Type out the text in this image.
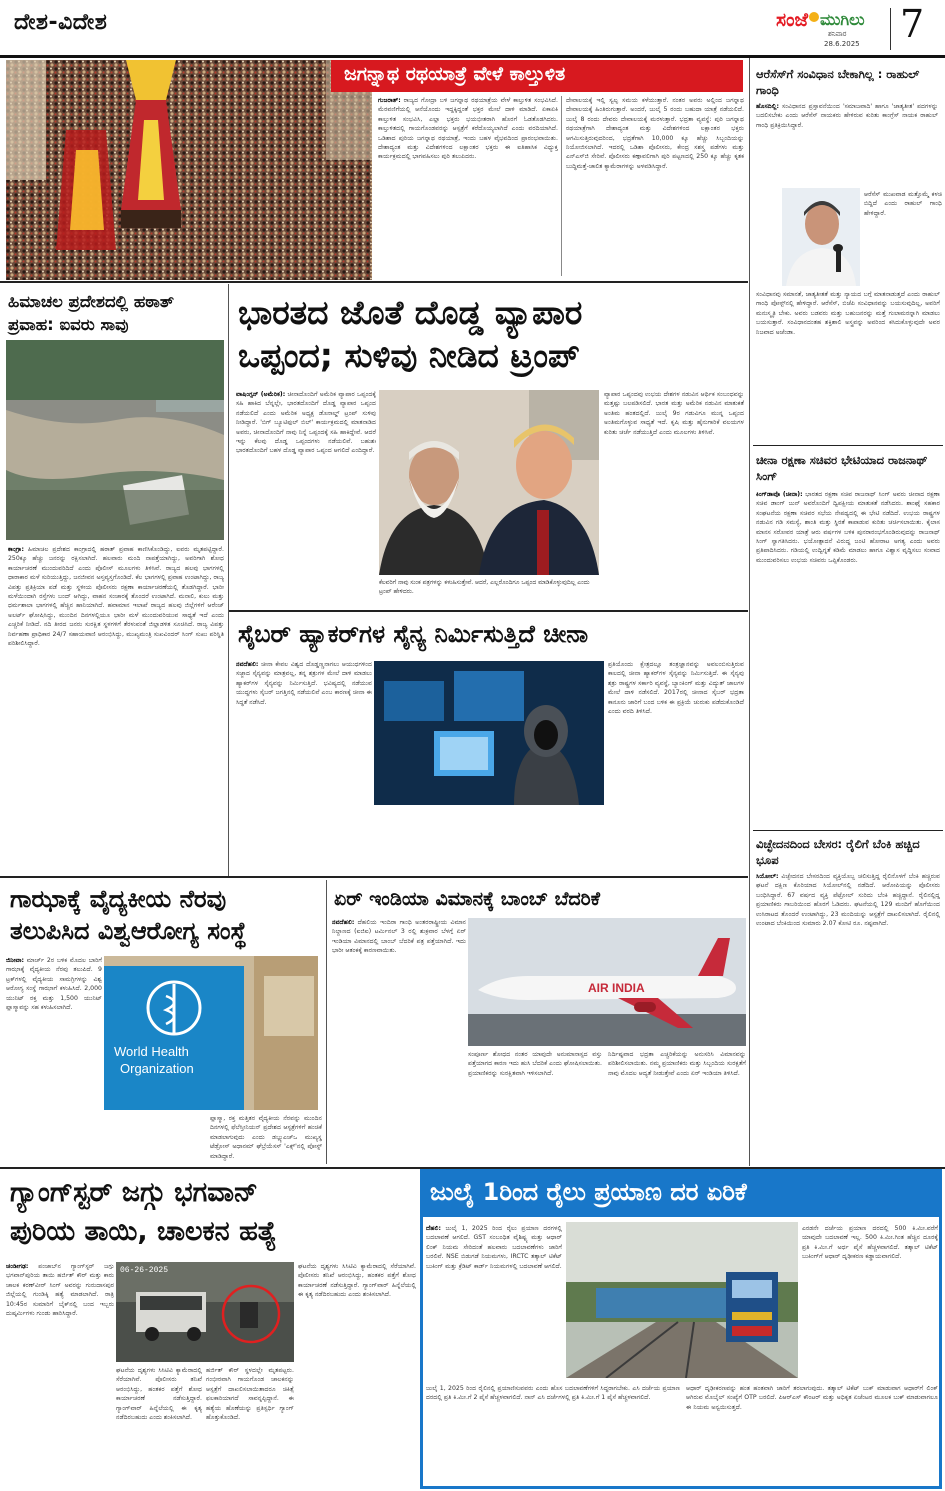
ದೇಶ-ವಿದೇಶ	ಸಂಜೆ ಮುಗಿಲು
ಶನಿವಾರ
28.6.2025 7
ಜಗನ್ನಾಥ ರಥಯಾತ್ರೆ ವೇಳೆ ಕಾಲ್ತುಳಿತ
ಗುಜರಾತ್: ರಾಜ್ಯದ ಗೋದ್ರಾ ಬಳಿ ಜಗನ್ನಾಥ ರಥಯಾತ್ರೆಯ ವೇಳೆ ಕಾಲ್ತುಳಿತ ಸಂಭವಿಸಿದೆ. ಮೆರವಣಿಗೆಯಲ್ಲಿ ಆನೆಯೊಂದು ಇದ್ದಕ್ಕಿದ್ದಂತೆ ಭಕ್ತರ ಮೇಲೆ ದಾಳಿ ಮಾಡಿದೆ. ಏಕಾಏಕಿ ಕಾಲ್ತುಳಿತ ಸಂಭವಿಸಿ, ಎಲ್ಲಾ ಭಕ್ತರು ಭಯಭೀತರಾಗಿ ಹೊರಗೆ ಓಡತೊಡಗಿದರು. ಕಾಲ್ತುಳಿತದಲ್ಲಿ ಗಾಯಗೊಂಡವರನ್ನು ಆಸ್ಪತ್ರೆಗೆ ಕರೆದೊಯ್ಯಲಾಗಿದೆ ಎಂದು ವರದಿಯಾಗಿದೆ. ಒಡಿಶಾದ ಪುರಿಯ ಜಗನ್ನಾಥ ರಥಯಾತ್ರೆ, ಇಂದು ಬಹಳ ವೈಭವದಿಂದ ಪ್ರಾರಂಭವಾಯಿತು. ದೇಶಾದ್ಯಂತ ಮತ್ತು ವಿದೇಶಗಳಿಂದ ಲಕ್ಷಾಂತರ ಭಕ್ತರು ಈ ಐತಿಹಾಸಿಕ ವಿಧ್ಯುಕ್ತ ಕಾರ್ಯಕ್ರಮದಲ್ಲಿ ಭಾಗವಹಿಸಲು ಪುರಿ ತಲುಪಿದರು.
ದೇವಾಲಯಕ್ಕೆ ಇಲ್ಲಿ ಸ್ವಲ್ಪ ಸಮಯ ಕಳೆಯುತ್ತಾರೆ. ನಂತರ ಅವರು ಅಲ್ಲಿಂದ ಜಗನ್ನಾಥ ದೇವಾಲಯಕ್ಕೆ ಹಿಂತಿರುಗುತ್ತಾರೆ. ಅಂದರೆ, ಜುಲೈ 5 ರಂದು ಬಹುದಾ ಯಾತ್ರೆ ನಡೆಯಲಿದೆ. ಜುಲೈ 8 ರಂದು ದೇವರು ದೇವಾಲಯಕ್ಕೆ ಮರಳುತ್ತಾರೆ. ಭದ್ರತಾ ವ್ಯವಸ್ಥೆ: ಪುರಿ ಜಗನ್ನಾಥ ರಥಯಾತ್ರೆಗಾಗಿ ದೇಶಾದ್ಯಂತ ಮತ್ತು ವಿದೇಶಗಳಿಂದ ಲಕ್ಷಾಂತರ ಭಕ್ತರು ಆಗಮಿಸುತ್ತಿರುವುದರಿಂದ, ಭದ್ರತೆಗಾಗಿ 10,000 ಕ್ಕೂ ಹೆಚ್ಚು ಸಿಬ್ಬಂದಿಯನ್ನು ನಿಯೋಜಿಸಲಾಗಿದೆ. ಇದರಲ್ಲಿ ಒಡಿಶಾ ಪೊಲೀಸರು, ಕೇಂದ್ರ ಸಶಸ್ತ್ರ ಪಡೆಗಳು ಮತ್ತು ಎನ್‌ಎಸ್‌ಜಿ ಸೇರಿವೆ. ಪೊಲೀಸರು ಕಣ್ಗಾವಲಿಗಾಗಿ ಪುರಿ ಪಟ್ಟಣದಲ್ಲಿ 250 ಕ್ಕೂ ಹೆಚ್ಚು ಕೃತಕ ಬುದ್ಧಿಮತ್ತೆ-ಚಾಲಿತ ಕ್ಯಾಮೆರಾಗಳನ್ನು ಅಳವಡಿಸಿದ್ದಾರೆ.
ಆರೆಸೆಸ್‌ಗೆ ಸಂವಿಧಾನ ಬೇಕಾಗಿಲ್ಲ : ರಾಹುಲ್ ಗಾಂಧಿ
ಹೊಸದಿಲ್ಲಿ: ಸಂವಿಧಾನದ ಪ್ರಸ್ತಾವನೆಯಿಂದ 'ಸಮಾಜವಾದಿ' ಹಾಗೂ 'ಜಾತ್ಯತೀತ' ಪದಗಳನ್ನು ಬದಲಿಸಬೇಕು ಎಂದು ಆರೆಸೆಸ್ ನಾಯಕರು ಹೇಳಿರುವ ಕುರಿತು ಕಾಂಗ್ರೆಸ್ ನಾಯಕ ರಾಹುಲ್ ಗಾಂಧಿ ಪ್ರತಿಕ್ರಿಯಿಸಿದ್ದಾರೆ.
ಆರೆಸೆಸ್ ಮುಖವಾಡ ಮತ್ತೊಮ್ಮೆ ಕಳಚಿ ಬಿದ್ದಿದೆ ಎಂದು ರಾಹುಲ್ ಗಾಂಧಿ ಹೇಳಿದ್ದಾರೆ.
ಸಂವಿಧಾನವು ಸಮಾನತೆ, ಜಾತ್ಯತೀತತೆ ಮತ್ತು ನ್ಯಾಯದ ಬಗ್ಗೆ ಮಾತನಾಡುತ್ತದೆ ಎಂದು ರಾಹುಲ್ ಗಾಂಧಿ ಪೋಸ್ಟ್‌ನಲ್ಲಿ ಹೇಳಿದ್ದಾರೆ. ಆರೆಸೆಸ್, ಬಿಜೆಪಿ ಸಂವಿಧಾನವನ್ನು ಬಯಸುವುದಿಲ್ಲ, ಅವರಿಗೆ ಮನುಸ್ಮೃತಿ ಬೇಕು. ಅವರು ಬಡವರು ಮತ್ತು ಬಹುಜನರನ್ನು ಮತ್ತೆ ಗುಲಾಮರನ್ನಾಗಿ ಮಾಡಲು ಬಯಸುತ್ತಾರೆ. ಸಂವಿಧಾನದಂತಹ ಶಕ್ತಿಶಾಲಿ ಅಸ್ತ್ರವನ್ನು ಅವರಿಂದ ಕಸಿದುಕೊಳ್ಳುವುದೇ ಅವರ ನಿಜವಾದ ಅಜೆಂಡಾ.
ಚೀನಾ ರಕ್ಷಣಾ ಸಚಿವರ ಭೇಟಿಯಾದ ರಾಜನಾಥ್ ಸಿಂಗ್
ಕಿಂಗ್‌ಡಾವೊ (ಚೀನಾ): ಭಾರತದ ರಕ್ಷಣಾ ಸಚಿವ ರಾಜನಾಥ್ ಸಿಂಗ್ ಅವರು ಚೀನಾದ ರಕ್ಷಣಾ ಸಚಿವ ಡಾಂಗ್ ಜುನ್ ಅವರೊಂದಿಗೆ ದ್ವಿಪಕ್ಷೀಯ ಮಾತುಕತೆ ನಡೆಸಿದರು. ಶಾಂಘೈ ಸಹಕಾರ ಸಂಘಟನೆಯ ರಕ್ಷಣಾ ಸಚಿವರ ಸಭೆಯ ನೇಪಥ್ಯದಲ್ಲಿ ಈ ಭೇಟಿ ನಡೆದಿದೆ. ಉಭಯ ರಾಷ್ಟ್ರಗಳ ನಡುವಿನ ಗಡಿ ಸಮಸ್ಯೆ, ಶಾಂತಿ ಮತ್ತು ಸ್ಥಿರತೆ ಕಾಪಾಡುವ ಕುರಿತು ಚರ್ಚಿಸಲಾಯಿತು. ಕೈಲಾಸ ಮಾನಸ ಸರೋವರ ಯಾತ್ರೆ ಆರು ವರ್ಷಗಳ ಬಳಿಕ ಪುನರಾರಂಭಗೊಂಡಿರುವುದನ್ನು ರಾಜನಾಥ್ ಸಿಂಗ್ ಸ್ವಾಗತಿಸಿದರು. ಭಯೋತ್ಪಾದನೆ ವಿರುದ್ಧ ಜಂಟಿ ಹೋರಾಟ ಅಗತ್ಯ ಎಂದು ಅವರು ಪ್ರತಿಪಾದಿಸಿದರು. ಗಡಿಯಲ್ಲಿ ಉದ್ವಿಗ್ನತೆ ಕಡಿಮೆ ಮಾಡಲು ಹಾಗೂ ವಿಶ್ವಾಸ ವೃದ್ಧಿಸಲು ಸಂವಾದ ಮುಂದುವರಿಸಲು ಉಭಯ ಸಚಿವರು ಒಪ್ಪಿಕೊಂಡರು.
ವಿಚ್ಛೇದನದಿಂದ ಬೇಸರ: ರೈಲಿಗೆ ಬೆಂಕಿ ಹಚ್ಚಿದ ಭೂಪ
ಸಿಯೋಲ್: ವಿಚ್ಛೇದನದ ಬೇಸರದಿಂದ ವ್ಯಕ್ತಿಯೊಬ್ಬ ಚಲಿಸುತ್ತಿದ್ದ ರೈಲಿನೊಳಗೆ ಬೆಂಕಿ ಹಚ್ಚಿರುವ ಘಟನೆ ದಕ್ಷಿಣ ಕೊರಿಯಾದ ಸಿಯೋಲ್‌ನಲ್ಲಿ ನಡೆದಿದೆ. ಆರೋಪಿಯನ್ನು ಪೊಲೀಸರು ಬಂಧಿಸಿದ್ದಾರೆ. 67 ವರ್ಷದ ವ್ಯಕ್ತಿ ಪೆಟ್ರೋಲ್ ಸುರಿದು ಬೆಂಕಿ ಹಚ್ಚಿದ್ದಾನೆ. ರೈಲಿನಲ್ಲಿದ್ದ ಪ್ರಯಾಣಿಕರು ಗಾಬರಿಯಿಂದ ಹೊರಗೆ ಓಡಿದರು. ಘಟನೆಯಲ್ಲಿ 129 ಮಂದಿಗೆ ಹೊಗೆಯಿಂದ ಉಸಿರಾಟದ ತೊಂದರೆ ಉಂಟಾಗಿದ್ದು, 23 ಮಂದಿಯನ್ನು ಆಸ್ಪತ್ರೆಗೆ ದಾಖಲಿಸಲಾಗಿದೆ. ರೈಲಿನಲ್ಲಿ ಉಂಟಾದ ಬೆಂಕಿಯಿಂದ ಸುಮಾರು 2.07 ಕೋಟಿ ರೂ. ನಷ್ಟವಾಗಿದೆ.
ಹಿಮಾಚಲ ಪ್ರದೇಶದಲ್ಲಿ ಹಠಾತ್ ಪ್ರವಾಹ: ಐವರು ಸಾವು
ಕಾಂಗ್ರಾ: ಹಿಮಾಚಲ ಪ್ರದೇಶದ ಕಾಂಗ್ರಾದಲ್ಲಿ ಹಠಾತ್ ಪ್ರವಾಹ ಕಾಣಿಸಿಕೊಂಡಿದ್ದು, ಐವರು ಮೃತಪಟ್ಟಿದ್ದಾರೆ. 250ಕ್ಕೂ ಹೆಚ್ಚು ಜನರನ್ನು ರಕ್ಷಿಸಲಾಗಿದೆ. ಹಲವಾರು ಮಂದಿ ನಾಪತ್ತೆಯಾಗಿದ್ದು, ಅವರಿಗಾಗಿ ಶೋಧ ಕಾರ್ಯಾಚರಣೆ ಮುಂದುವರಿದಿದೆ ಎಂದು ಪೊಲೀಸ್ ಮೂಲಗಳು ತಿಳಿಸಿವೆ. ರಾಜ್ಯದ ಹಲವು ಭಾಗಗಳಲ್ಲಿ ಧಾರಾಕಾರ ಮಳೆ ಸುರಿಯುತ್ತಿದ್ದು, ಜನಜೀವನ ಅಸ್ತವ್ಯಸ್ತಗೊಂಡಿದೆ. ಕೆಲ ಭಾಗಗಳಲ್ಲಿ ಪ್ರವಾಹ ಉಂಟಾಗಿದ್ದು, ರಾಜ್ಯ ವಿಪತ್ತು ಪ್ರತಿಕ್ರಿಯಾ ಪಡೆ ಮತ್ತು ಸ್ಥಳೀಯ ಪೊಲೀಸರು ರಕ್ಷಣಾ ಕಾರ್ಯಾಚರಣೆಯಲ್ಲಿ ತೊಡಗಿದ್ದಾರೆ. ಭಾರೀ ಮಳೆಯಿಂದಾಗಿ ರಸ್ತೆಗಳು ಬಂದ್ ಆಗಿದ್ದು, ವಾಹನ ಸಂಚಾರಕ್ಕೆ ತೊಂದರೆ ಉಂಟಾಗಿದೆ. ಮನಾಲಿ, ಕುಲು ಮತ್ತು ಧರ್ಮಶಾಲಾ ಭಾಗಗಳಲ್ಲಿ ಹೆಚ್ಚಿನ ಹಾನಿಯಾಗಿದೆ. ಹವಾಮಾನ ಇಲಾಖೆ ರಾಜ್ಯದ ಹಲವು ಜಿಲ್ಲೆಗಳಿಗೆ ಆರೆಂಜ್ ಅಲರ್ಟ್ ಘೋಷಿಸಿದ್ದು, ಮುಂದಿನ ದಿನಗಳಲ್ಲಿಯೂ ಭಾರೀ ಮಳೆ ಮುಂದುವರಿಯುವ ಸಾಧ್ಯತೆ ಇದೆ ಎಂದು ಎಚ್ಚರಿಕೆ ನೀಡಿದೆ. ನದಿ ತೀರದ ಜನರು ಸುರಕ್ಷಿತ ಸ್ಥಳಗಳಿಗೆ ತೆರಳುವಂತೆ ಜಿಲ್ಲಾಡಳಿತ ಸೂಚಿಸಿದೆ. ರಾಜ್ಯ ವಿಪತ್ತು ನಿರ್ವಹಣಾ ಪ್ರಾಧಿಕಾರ 24/7 ಸಹಾಯವಾಣಿ ಆರಂಭಿಸಿದ್ದು, ಮುಖ್ಯಮಂತ್ರಿ ಸುಖವಿಂದರ್ ಸಿಂಗ್ ಸುಖು ಪರಿಸ್ಥಿತಿ ಪರಿಶೀಲಿಸಿದ್ದಾರೆ.
ಭಾರತದ ಜೊತೆ ದೊಡ್ಡ ವ್ಯಾಪಾರ
ಒಪ್ಪಂದ; ಸುಳಿವು ನೀಡಿದ ಟ್ರಂಪ್
ವಾಷಿಂಗ್ಟನ್ (ಅಮೆರಿಕ): ಚೀನಾದೊಂದಿಗೆ ಅಮೆರಿಕ ವ್ಯಾಪಾರ ಒಪ್ಪಂದಕ್ಕೆ ಸಹಿ ಹಾಕಿದ ಬೆನ್ನಲ್ಲೇ, ಭಾರತದೊಂದಿಗೆ ದೊಡ್ಡ ವ್ಯಾಪಾರ ಒಪ್ಪಂದ ನಡೆಯಲಿದೆ ಎಂದು ಅಮೆರಿಕ ಅಧ್ಯಕ್ಷ ಡೊನಾಲ್ಡ್ ಟ್ರಂಪ್ ಸುಳಿವು ನೀಡಿದ್ದಾರೆ. 'ಬಿಗ್ ಬ್ಯೂಟಿಫುಲ್ ಬಿಲ್' ಕಾರ್ಯಕ್ರಮದಲ್ಲಿ ಮಾತನಾಡಿದ ಅವರು, ಚೀನಾದೊಂದಿಗೆ ನಾವು ನಿನ್ನೆ ಒಪ್ಪಂದಕ್ಕೆ ಸಹಿ ಹಾಕಿದ್ದೇವೆ. ಆದರೆ ಇನ್ನು ಕೆಲವು ದೊಡ್ಡ ಒಪ್ಪಂದಗಳು ನಡೆಯಲಿವೆ. ಬಹುಶಃ ಭಾರತದೊಂದಿಗೆ ಬಹಳ ದೊಡ್ಡ ವ್ಯಾಪಾರ ಒಪ್ಪಂದ ಆಗಲಿದೆ ಎಂದಿದ್ದಾರೆ.
ಕೆಲವರಿಗೆ ನಾವು ಸುಂಕ ಪತ್ರಗಳನ್ನು ಕಳುಹಿಸುತ್ತೇವೆ. ಆದರೆ, ಎಲ್ಲರೊಂದಿಗೂ ಒಪ್ಪಂದ ಮಾಡಿಕೊಳ್ಳುವುದಿಲ್ಲ ಎಂದು ಟ್ರಂಪ್ ಹೇಳಿದರು.
ವ್ಯಾಪಾರ ಒಪ್ಪಂದವು ಉಭಯ ದೇಶಗಳ ನಡುವಿನ ಆರ್ಥಿಕ ಸಂಬಂಧವನ್ನು ಮತ್ತಷ್ಟು ಬಲಪಡಿಸಲಿದೆ. ಭಾರತ ಮತ್ತು ಅಮೆರಿಕ ನಡುವಿನ ಮಾತುಕತೆ ಅಂತಿಮ ಹಂತದಲ್ಲಿದೆ. ಜುಲೈ 9ರ ಗಡುವಿಗೂ ಮುನ್ನ ಒಪ್ಪಂದ ಅಂತಿಮಗೊಳ್ಳುವ ಸಾಧ್ಯತೆ ಇದೆ. ಕೃಷಿ ಮತ್ತು ಹೈನುಗಾರಿಕೆ ವಲಯಗಳ ಕುರಿತು ಚರ್ಚೆ ನಡೆಯುತ್ತಿದೆ ಎಂದು ಮೂಲಗಳು ತಿಳಿಸಿವೆ.
ಸೈಬರ್ ಹ್ಯಾಕರ್‌ಗಳ ಸೈನ್ಯ ನಿರ್ಮಿಸುತ್ತಿದೆ ಚೀನಾ
ನವದೆಹಲಿ: ಚೀನಾ ಕೇವಲ ವಿಶ್ವದ ದೊಡ್ಡಣ್ಣನಾಗಲು ಆಯುಧಗಳಿಂದ ಸಜ್ಜಾದ ಸೈನ್ಯವನ್ನು ಮಾತ್ರವಲ್ಲ, ತನ್ನ ಶತ್ರುಗಳ ಮೇಲೆ ದಾಳಿ ಮಾಡಲು ಹ್ಯಾಕರ್‌ಗಳ ಸೈನ್ಯವನ್ನು ನಿರ್ಮಿಸುತ್ತಿದೆ. ಭವಿಷ್ಯದಲ್ಲಿ ನಡೆಯುವ ಯುದ್ಧಗಳು ಸೈಬರ್ ಜಗತ್ತಿನಲ್ಲಿ ನಡೆಯಲಿವೆ ಎಂಬ ಕಾರಣಕ್ಕೆ ಚೀನಾ ಈ ಸಿದ್ಧತೆ ನಡೆಸಿದೆ.
ಪ್ರತಿಯೊಂದು ಕ್ಷೇತ್ರದಲ್ಲೂ ತಂತ್ರಜ್ಞಾನವನ್ನು ಅವಲಂಬಿಸುತ್ತಿರುವ ಕಾಲದಲ್ಲಿ ಚೀನಾ ಹ್ಯಾಕರ್‌ಗಳ ಸೈನ್ಯವನ್ನು ನಿರ್ಮಿಸುತ್ತಿದೆ. ಈ ಸೈನ್ಯವು ಶತ್ರು ರಾಷ್ಟ್ರಗಳ ಸರ್ಕಾರಿ ವ್ಯವಸ್ಥೆ, ಬ್ಯಾಂಕಿಂಗ್ ಮತ್ತು ವಿದ್ಯುತ್ ಜಾಲಗಳ ಮೇಲೆ ದಾಳಿ ನಡೆಸಲಿದೆ. 2017ರಲ್ಲಿ ಚೀನಾದ ಸೈಬರ್ ಭದ್ರತಾ ಕಾನೂನು ಜಾರಿಗೆ ಬಂದ ಬಳಿಕ ಈ ಪ್ರಕ್ರಿಯೆ ಚುರುಕು ಪಡೆದುಕೊಂಡಿದೆ ಎಂದು ವರದಿ ತಿಳಿಸಿದೆ.
ಗಾಝಾಕ್ಕೆ ವೈದ್ಯಕೀಯ ನೆರವು
ತಲುಪಿಸಿದ ವಿಶ್ವಆರೋಗ್ಯ ಸಂಸ್ಥೆ
ಜಿನೀವಾ: ಮಾರ್ಚ್ 2ರ ಬಳಿಕ ಮೊದಲ ಬಾರಿಗೆ ಗಾಝಾಕ್ಕೆ ವೈದ್ಯಕೀಯ ನೆರವು ತಲುಪಿದೆ. 9 ಟ್ರಕ್‌ಗಳಲ್ಲಿ ವೈದ್ಯಕೀಯ ಸಾಮಗ್ರಿಗಳನ್ನು ವಿಶ್ವ ಆರೋಗ್ಯ ಸಂಸ್ಥೆ ಗಾಝಾಗೆ ಕಳುಹಿಸಿದೆ. 2,000 ಯುನಿಟ್ ರಕ್ತ ಮತ್ತು 1,500 ಯುನಿಟ್ ಪ್ಲಾಸ್ಮಾವನ್ನು ಸಹ ಕಳುಹಿಸಲಾಗಿದೆ.
World Health
Organization
ಪ್ಲಾಸ್ಮಾ, ರಕ್ತ ಮತ್ತಿತರ ವೈದ್ಯಕೀಯ ನೆರವನ್ನು ಮುಂದಿನ ದಿನಗಳಲ್ಲಿ ಫೆಲೆಸ್ತೀನಿಯನ್ ಪ್ರದೇಶದ ಆಸ್ಪತ್ರೆಗಳಿಗೆ ಹಂಚಿಕೆ ಮಾಡಲಾಗುವುದು ಎಂದು ಡಬ್ಲ್ಯುಎಚ್‌ಒ ಮುಖ್ಯಸ್ಥ ಟೆಡ್ರೋಸ್ ಅಧಾನಮ್ ಘೆಬ್ರೆಯೆಸಸ್ 'ಎಕ್ಸ್'ನಲ್ಲಿ ಪೋಸ್ಟ್ ಮಾಡಿದ್ದಾರೆ.
ಏರ್ ಇಂಡಿಯಾ ವಿಮಾನಕ್ಕೆ ಬಾಂಬ್ ಬೆದರಿಕೆ
ನವದೆಹಲಿ: ದೆಹಲಿಯ ಇಂದಿರಾ ಗಾಂಧಿ ಅಂತರರಾಷ್ಟ್ರೀಯ ವಿಮಾನ ನಿಲ್ದಾಣದ (ಐಜಿಐ) ಟರ್ಮಿನಲ್ 3 ರಲ್ಲಿ ಶುಕ್ರವಾರ ಬೆಳಗ್ಗೆ ಏರ್ ಇಂಡಿಯಾ ವಿಮಾನದಲ್ಲಿ ಬಾಂಬ್ ಬೆದರಿಕೆ ಪತ್ರ ಪತ್ತೆಯಾಗಿದೆ. ಇದು ಭಾರೀ ಆತಂಕಕ್ಕೆ ಕಾರಣವಾಯಿತು.
AIR INDIA
ಸಂಪೂರ್ಣ ಶೋಧದ ನಂತರ ಯಾವುದೇ ಅನುಮಾನಾಸ್ಪದ ವಸ್ತು ಪತ್ತೆಯಾಗದ ಕಾರಣ ಇದು ಹುಸಿ ಬೆದರಿಕೆ ಎಂದು ಘೋಷಿಸಲಾಯಿತು. ಪ್ರಯಾಣಿಕರನ್ನು ಸುರಕ್ಷಿತವಾಗಿ ಇಳಿಸಲಾಗಿದೆ.
ನಿರ್ದಿಷ್ಟವಾದ ಭದ್ರತಾ ಎಚ್ಚರಿಕೆಯನ್ನು ಅನುಸರಿಸಿ ವಿಮಾನವನ್ನು ಪರಿಶೀಲಿಸಲಾಯಿತು. ನಮ್ಮ ಪ್ರಯಾಣಿಕರು ಮತ್ತು ಸಿಬ್ಬಂದಿಯ ಸುರಕ್ಷತೆಗೆ ನಾವು ಮೊದಲ ಆದ್ಯತೆ ನೀಡುತ್ತೇವೆ ಎಂದು ಏರ್ ಇಂಡಿಯಾ ತಿಳಿಸಿದೆ.
ಗ್ಯಾಂಗ್‌ಸ್ಟರ್ ಜಗ್ಗು ಭಗವಾನ್
ಪುರಿಯ ತಾಯಿ, ಚಾಲಕನ ಹತ್ಯೆ
ಚಂಡೀಗಢ: ಪಂಜಾಬ್‌ನ ಗ್ಯಾಂಗ್‌ಸ್ಟರ್ ಜಗ್ಗು ಭಗವಾನ್‌ಪುರಿಯ ತಾಯಿ ಹರ್ಜಿತ್ ಕೌರ್ ಮತ್ತು ಕಾರು ಚಾಲಕ ಕರಣ್‌ವೀರ್ ಸಿಂಗ್ ಅವರನ್ನು ಗುರುದಾಸಪುರ ಜಿಲ್ಲೆಯಲ್ಲಿ ಗುಂಡಿಕ್ಕಿ ಹತ್ಯೆ ಮಾಡಲಾಗಿದೆ. ರಾತ್ರಿ 10:45ರ ಸುಮಾರಿಗೆ ಬೈಕ್‌ನಲ್ಲಿ ಬಂದ ಇಬ್ಬರು ದುಷ್ಕರ್ಮಿಗಳು ಗುಂಡು ಹಾರಿಸಿದ್ದಾರೆ.
06-26-2025
ಘಟನೆಯ ದೃಶ್ಯಗಳು ಸಿಸಿಟಿವಿ ಕ್ಯಾಮೆರಾದಲ್ಲಿ ಸೆರೆಯಾಗಿವೆ. ಪೊಲೀಸರು ತನಿಖೆ ಆರಂಭಿಸಿದ್ದು, ಹಂತಕರ ಪತ್ತೆಗೆ ಶೋಧ ಕಾರ್ಯಾಚರಣೆ ನಡೆಸುತ್ತಿದ್ದಾರೆ. ಗ್ಯಾಂಗ್‌ವಾರ್ ಹಿನ್ನೆಲೆಯಲ್ಲಿ ಈ ಕೃತ್ಯ ನಡೆದಿರಬಹುದು ಎಂದು ಶಂಕಿಸಲಾಗಿದೆ.
ಹರ್ಜಿತ್ ಕೌರ್ ಸ್ಥಳದಲ್ಲೇ ಮೃತಪಟ್ಟರು. ಗಂಭೀರವಾಗಿ ಗಾಯಗೊಂಡ ಚಾಲಕನನ್ನು ಆಸ್ಪತ್ರೆಗೆ ದಾಖಲಿಸಲಾಯಿತಾದರೂ ಚಿಕಿತ್ಸೆ ಫಲಕಾರಿಯಾಗದೆ ಸಾವನ್ನಪ್ಪಿದ್ದಾನೆ. ಈ ಹತ್ಯೆಯ ಹೊಣೆಯನ್ನು ಪ್ರತಿಸ್ಪರ್ಧಿ ಗ್ಯಾಂಗ್ ಹೊತ್ತುಕೊಂಡಿದೆ.
ಘಟನೆಯ ದೃಶ್ಯಗಳು ಸಿಸಿಟಿವಿ ಕ್ಯಾಮೆರಾದಲ್ಲಿ ಸೆರೆಯಾಗಿವೆ. ಪೊಲೀಸರು ತನಿಖೆ ಆರಂಭಿಸಿದ್ದು, ಹಂತಕರ ಪತ್ತೆಗೆ ಶೋಧ ಕಾರ್ಯಾಚರಣೆ ನಡೆಸುತ್ತಿದ್ದಾರೆ. ಗ್ಯಾಂಗ್‌ವಾರ್ ಹಿನ್ನೆಲೆಯಲ್ಲಿ ಈ ಕೃತ್ಯ ನಡೆದಿರಬಹುದು ಎಂದು ಶಂಕಿಸಲಾಗಿದೆ.
ಜುಲೈ 1ರಿಂದ ರೈಲು ಪ್ರಯಾಣ ದರ ಏರಿಕೆ
ದೆಹಲಿ: ಜುಲೈ 1, 2025 ರಿಂದ ರೈಲು ಪ್ರಯಾಣ ದರಗಳಲ್ಲಿ ಬದಲಾವಣೆ ಆಗಲಿದೆ. GST ಸಂಬಂಧಿತ ವೈಶಿಷ್ಟ್ಯ ಮತ್ತು ಆಧಾರ್ ಲಿಂಕ್ ನಿಯಮ ಸೇರಿದಂತೆ ಹಲವಾರು ಬದಲಾವಣೆಗಳು ಜಾರಿಗೆ ಬರಲಿವೆ. NSE ಬಿಡುಗಡೆ ನಿಯಮಗಳು, IRCTC ತತ್ಕಾಲ್ ಟಿಕೆಟ್ ಬುಕಿಂಗ್ ಮತ್ತು ಕ್ರೆಡಿಟ್ ಕಾರ್ಡ್ ನಿಯಮಗಳಲ್ಲಿ ಬದಲಾವಣೆ ಆಗಲಿದೆ.
ಎರಡನೇ ದರ್ಜೆಯ ಪ್ರಯಾಣ ದರದಲ್ಲಿ 500 ಕಿ.ಮೀ.ವರೆಗೆ ಯಾವುದೇ ಬದಲಾವಣೆ ಇಲ್ಲ. 500 ಕಿ.ಮೀ.ಗಿಂತ ಹೆಚ್ಚಿನ ದೂರಕ್ಕೆ ಪ್ರತಿ ಕಿ.ಮೀ.ಗೆ ಅರ್ಧ ಪೈಸೆ ಹೆಚ್ಚಳವಾಗಲಿದೆ. ತತ್ಕಾಲ್ ಟಿಕೆಟ್ ಬುಕಿಂಗ್‌ಗೆ ಆಧಾರ್ ದೃಢೀಕರಣ ಕಡ್ಡಾಯವಾಗಲಿದೆ.
ಜುಲೈ 1, 2025 ರಿಂದ ರೈಲಿನಲ್ಲಿ ಪ್ರಯಾಣಿಸುವವರು ಎಂದು ಹೊಸ ಬದಲಾವಣೆಗಳಿಗೆ ಸಿದ್ಧರಾಗಬೇಕು. ಎಸಿ ದರ್ಜೆಯ ಪ್ರಯಾಣ ದರದಲ್ಲಿ ಪ್ರತಿ ಕಿ.ಮೀ.ಗೆ 2 ಪೈಸೆ ಹೆಚ್ಚಳವಾಗಲಿದೆ. ನಾನ್ ಎಸಿ ದರ್ಜೆಗಳಲ್ಲಿ ಪ್ರತಿ ಕಿ.ಮೀ.ಗೆ 1 ಪೈಸೆ ಹೆಚ್ಚಳವಾಗಲಿದೆ.
ಆಧಾರ್ ದೃಢೀಕರಣವನ್ನು ಹಂತ ಹಂತವಾಗಿ ಜಾರಿಗೆ ತರಲಾಗುವುದು. ತತ್ಕಾಲ್ ಟಿಕೆಟ್ ಬುಕ್ ಮಾಡುವಾಗ ಆಧಾರ್‌ಗೆ ಲಿಂಕ್ ಆಗಿರುವ ಮೊಬೈಲ್ ಸಂಖ್ಯೆಗೆ OTP ಬರಲಿದೆ. ಪಿಆರ್‌ಎಸ್ ಕೌಂಟರ್ ಮತ್ತು ಅಧಿಕೃತ ಏಜೆಂಟರ ಮೂಲಕ ಬುಕ್ ಮಾಡುವಾಗಲೂ ಈ ನಿಯಮ ಅನ್ವಯಿಸುತ್ತದೆ.
